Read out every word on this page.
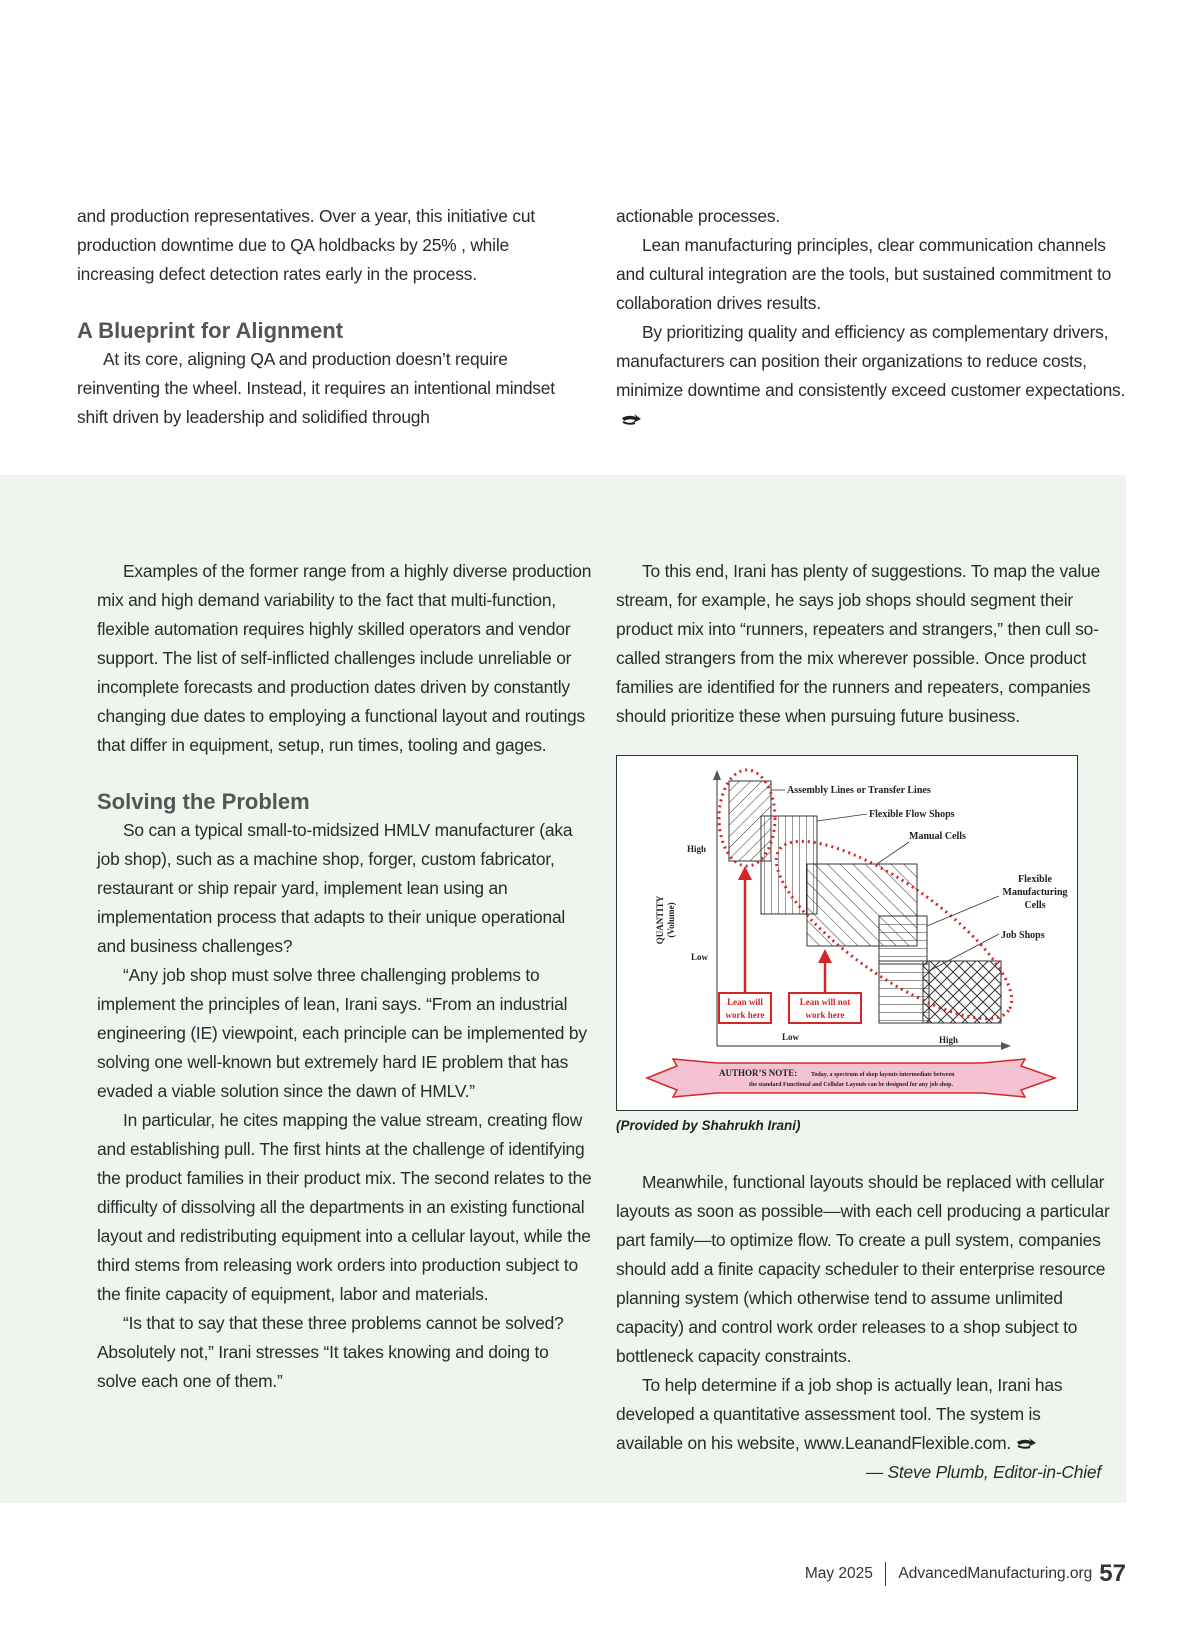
and production representatives. Over a year, this initiative cut production downtime due to QA holdbacks by 25% , while increasing defect detection rates early in the process.

A Blueprint for Alignment

At its core, aligning QA and production doesn’t require reinventing the wheel. Instead, it requires an intentional mindset shift driven by leadership and solidified through

actionable processes.

Lean manufacturing principles, clear communication channels and cultural integration are the tools, but sustained commitment to collaboration drives results.

By prioritizing quality and efficiency as complementary drivers, manufacturers can position their organizations to reduce costs, minimize downtime and consistently exceed customer expectations.

Examples of the former range from a highly diverse production mix and high demand variability to the fact that multi-function, flexible automation requires highly skilled operators and vendor support. The list of self-inflicted challenges include unreliable or incomplete forecasts and production dates driven by constantly changing due dates to employing a functional layout and routings that differ in equipment, setup, run times, tooling and gages.

Solving the Problem

So can a typical small-to-midsized HMLV manufacturer (aka job shop), such as a machine shop, forger, custom fabricator, restaurant or ship repair yard, implement lean using an implementation process that adapts to their unique operational and business challenges?

“Any job shop must solve three challenging problems to implement the principles of lean, Irani says. “From an industrial engineering (IE) viewpoint, each principle can be implemented by solving one well-known but extremely hard IE problem that has evaded a viable solution since the dawn of HMLV.”

In particular, he cites mapping the value stream, creating flow and establishing pull. The first hints at the challenge of identifying the product families in their product mix. The second relates to the difficulty of dissolving all the departments in an existing functional layout and redistributing equipment into a cellular layout, while the third stems from releasing work orders into production subject to the finite capacity of equipment, labor and materials.

“Is that to say that these three problems cannot be solved? Absolutely not,” Irani stresses “It takes knowing and doing to solve each one of them.”

To this end, Irani has plenty of suggestions. To map the value stream, for example, he says job shops should segment their product mix into “runners, repeaters and strangers,” then cull so-called strangers from the mix wherever possible. Once product families are identified for the runners and repeaters, companies should prioritize these when pursuing future business.

Assembly Lines or Transfer Lines
Flexible Flow Shops
Manual Cells
Flexible
Manufacturing
Cells
Job Shops
High
Low
Low	High
QUANTITY (Volume)
Lean will
work here
Lean will not
work here
AUTHOR’S NOTE: Today, a spectrum of shop layouts intermediate between
the standard Functional and Cellular Layouts can be designed for any job shop.
(Provided by Shahrukh Irani)

Meanwhile, functional layouts should be replaced with cellular layouts as soon as possible—with each cell producing a particular part family—to optimize flow. To create a pull system, companies should add a finite capacity scheduler to their enterprise resource planning system (which otherwise tend to assume unlimited capacity) and control work order releases to a shop subject to bottleneck capacity constraints.

To help determine if a job shop is actually lean, Irani has developed a quantitative assessment tool. The system is available on his website, www.LeanandFlexible.com.

— Steve Plumb, Editor-in-Chief

May 2025 AdvancedManufacturing.org 57
